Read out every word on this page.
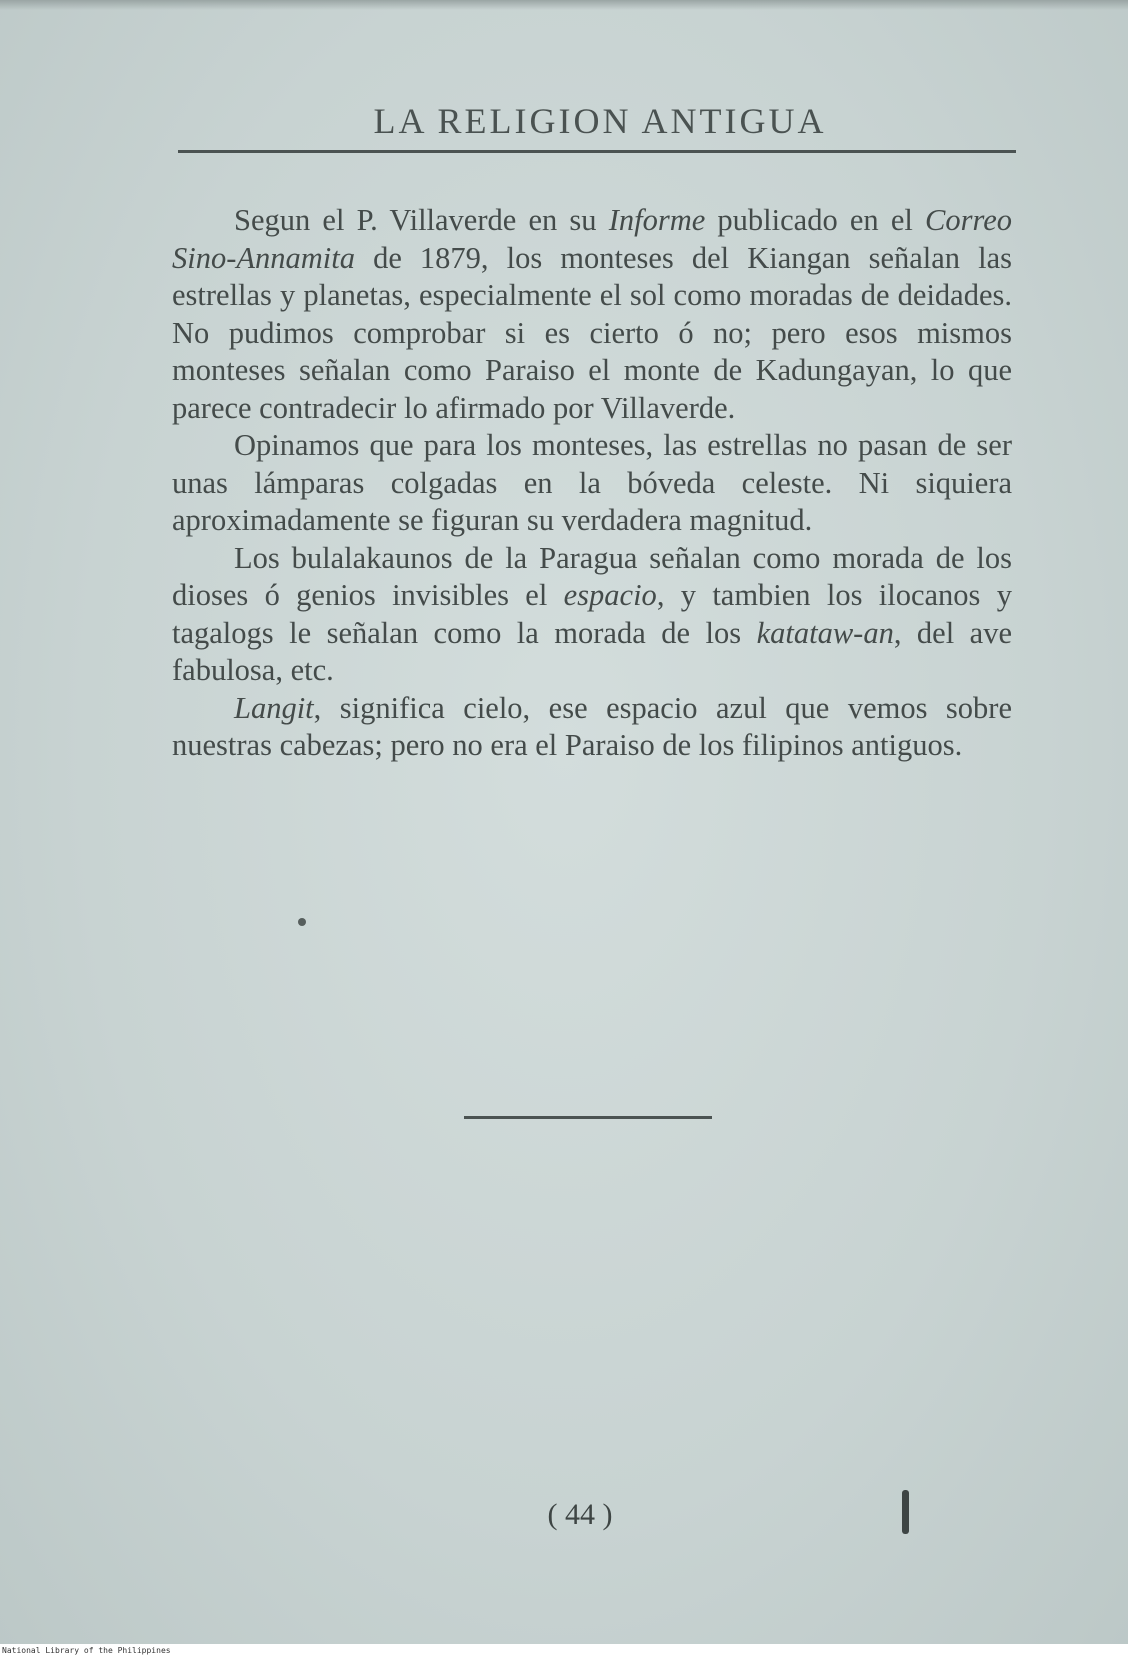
LA RELIGION ANTIGUA

Segun el P. Villaverde en su Informe publicado en el Correo Sino-Annamita de 1879, los monteses del Kiangan señalan las estrellas y planetas, especialmente el sol como moradas de deidades. No pudimos comprobar si es cierto ó no; pero esos mismos monteses señalan como Paraiso el monte de Kadungayan, lo que parece contradecir lo afirmado por Villaverde.

Opinamos que para los monteses, las estrellas no pasan de ser unas lámparas colgadas en la bóveda celeste. Ni siquiera aproximadamente se figuran su verdadera magnitud.

Los bulalakaunos de la Paragua señalan como morada de los dioses ó genios invisibles el espacio, y tambien los ilocanos y tagalogs le señalan como la morada de los katataw-an, del ave fabulosa, etc.

Langit, significa cielo, ese espacio azul que vemos sobre nuestras cabezas; pero no era el Paraiso de los filipinos antiguos.

( 44 )
National Library of the Philippines
